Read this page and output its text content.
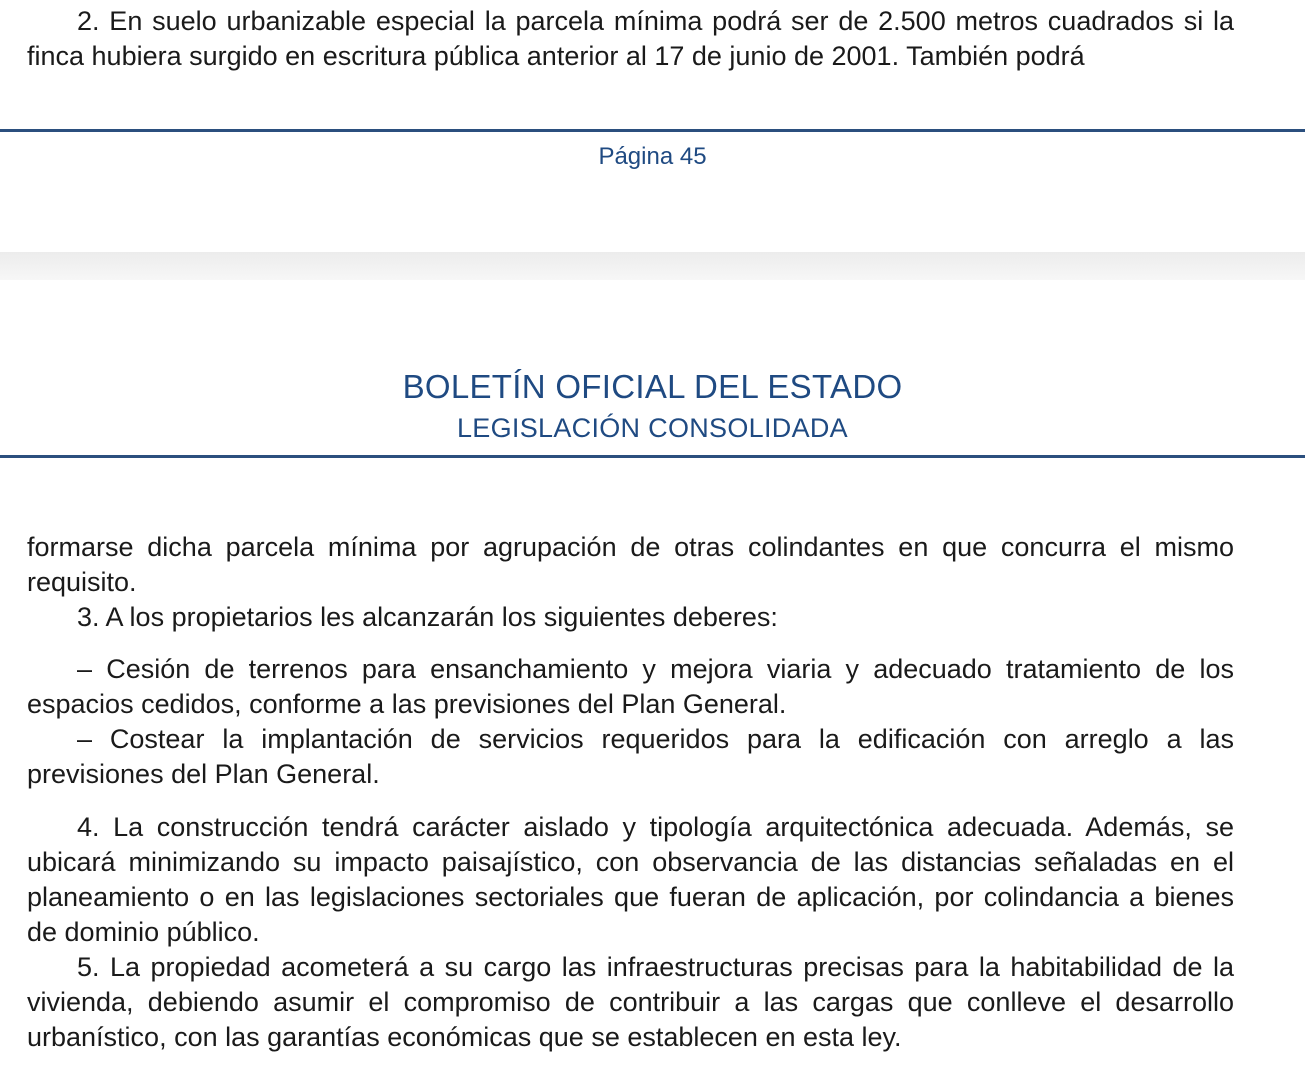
2. En suelo urbanizable especial la parcela mínima podrá ser de 2.500 metros cuadrados si la finca hubiera surgido en escritura pública anterior al 17 de junio de 2001. También podrá

Página 45
BOLETÍN OFICIAL DEL ESTADO
LEGISLACIÓN CONSOLIDADA

formarse dicha parcela mínima por agrupación de otras colindantes en que concurra el mismo requisito.

3. A los propietarios les alcanzarán los siguientes deberes:

– Cesión de terrenos para ensanchamiento y mejora viaria y adecuado tratamiento de los espacios cedidos, conforme a las previsiones del Plan General.

– Costear la implantación de servicios requeridos para la edificación con arreglo a las previsiones del Plan General.

4. La construcción tendrá carácter aislado y tipología arquitectónica adecuada. Además, se ubicará minimizando su impacto paisajístico, con observancia de las distancias señaladas en el planeamiento o en las legislaciones sectoriales que fueran de aplicación, por colindancia a bienes de dominio público.

5. La propiedad acometerá a su cargo las infraestructuras precisas para la habitabilidad de la vivienda, debiendo asumir el compromiso de contribuir a las cargas que conlleve el desarrollo urbanístico, con las garantías económicas que se establecen en esta ley.
